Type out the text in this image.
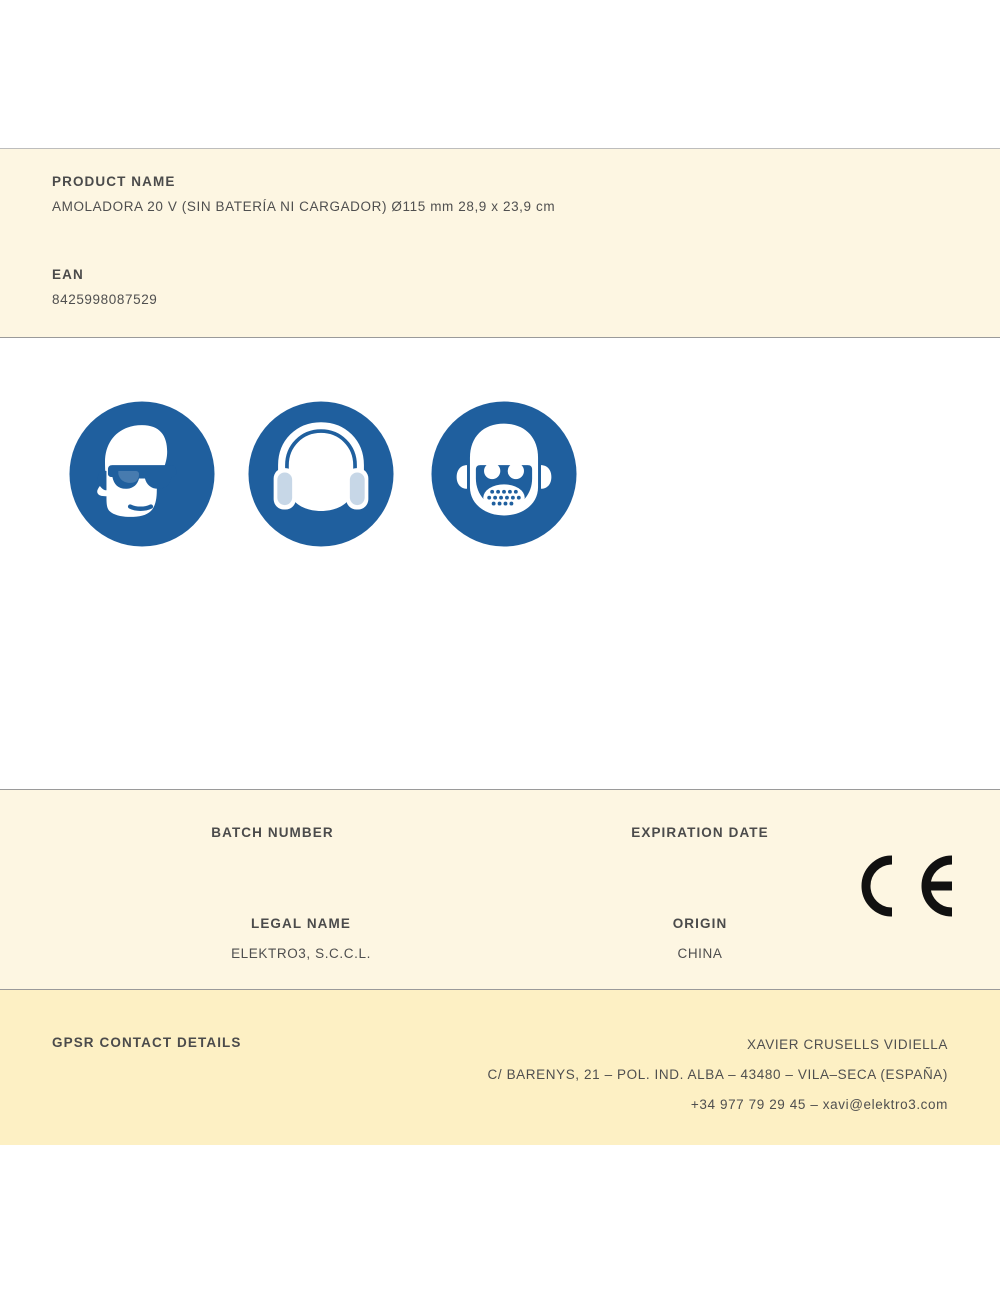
PRODUCT NAME
AMOLADORA 20 V (SIN BATERÍA NI CARGADOR) Ø115 mm 28,9 x 23,9 cm
EAN
8425998087529
BATCH NUMBER	EXPIRATION DATE
LEGAL NAME
ELEKTRO3, S.C.C.L.
ORIGIN
CHINA
GPSR CONTACT DETAILS	XAVIER CRUSELLS VIDIELLA
C/ BARENYS, 21 – POL. IND. ALBA – 43480 – VILA–SECA (ESPAÑA)
+34 977 79 29 45 – xavi@elektro3.com
